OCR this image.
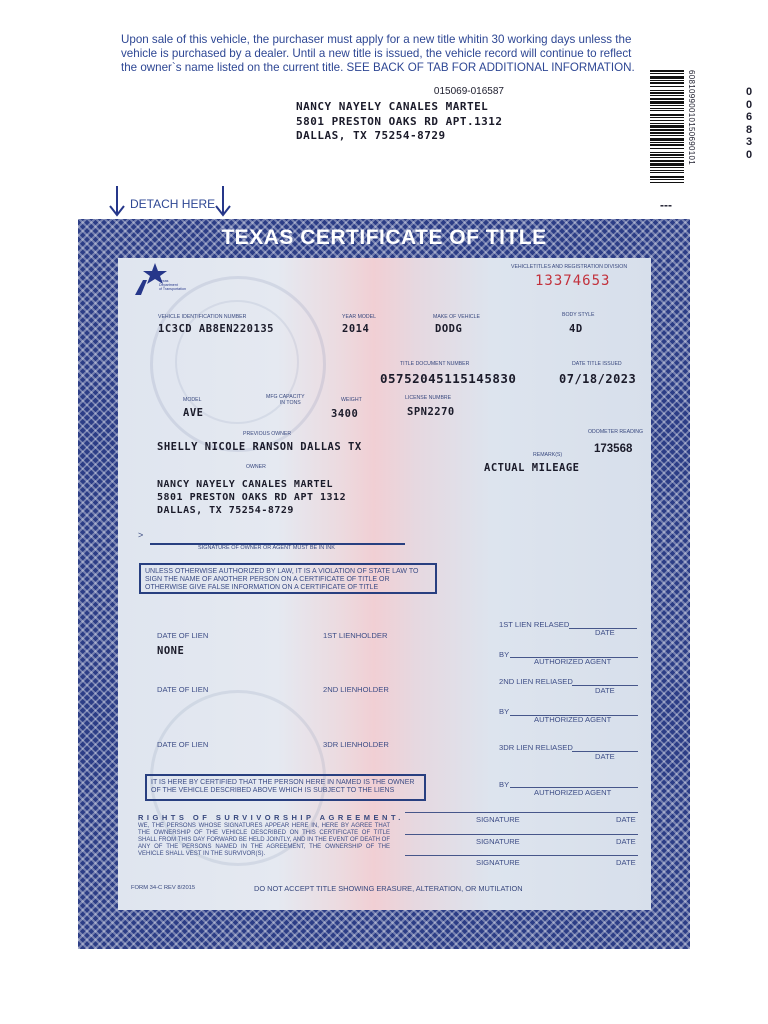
Upon sale of this vehicle, the purchaser must apply for a new title whitin 30 working days unless the
vehicle is purchased by a dealer. Until a new title is issued, the vehicle record will continue to reflect
the owner`s name listed on the current title. SEE BACK OF TAB FOR ADDITIONAL INFORMATION.
015069-016587
NANCY NAYELY CANALES MARTEL
5801 PRESTON OAKS RD APT.1312
DALLAS, TX 75254-8729	60810990010150690101	0
0
6
8
3
0
---
DETACH HERE
TEXAS CERTIFICATE OF TITLE
Texas
Department
of Transportation
VEHICLETITLES AND REGISTRATION DIVISION
13374653
VEHICLE IDENTIFICATION NUMBER
1C3CD AB8EN220135
YEAR MODEL
2014
MAKE OF VEHICLE
DODG
BODY STYLE
4D
TITLE DOCUMENT NUMBER
05752045115145830
DATE TITLE ISSUED
07/18/2023
MODEL
AVE
MFG CAPACITY
IN TONS	WEIGHT
3400
LICENSE NUMBRE
SPN2270
PREVIOUS OWNER
SHELLY NICOLE RANSON DALLAS TX
ODOMETER READING
173568
REMARK(S)
ACTUAL MILEAGE
OWNER
NANCY NAYELY CANALES MARTEL
5801 PRESTON OAKS RD APT 1312
DALLAS, TX 75254-8729
>
SIGNATURE OF OWNER OR AGENT MUST BE IN INK
UNLESS OTHERWISE AUTHORIZED BY LAW, IT IS A VIOLATION OF STATE LAW TO SIGN THE NAME OF ANOTHER PERSON ON A CERTIFICATE OF TITLE OR OTHERWISE GIVE FALSE INFORMATION ON A CERTIFICATE OF TITLE
DATE OF LIEN	1ST LIENHOLDER
NONE
DATE OF LIEN	2ND LIENHOLDER
DATE OF LIEN	3DR LIENHOLDER
1ST LIEN RELASED
DATE
BY
AUTHORIZED AGENT
2ND LIEN RELIASED
DATE
BY
AUTHORIZED AGENT
3DR LIEN RELIASED
DATE
BY
AUTHORIZED AGENT
IT IS HERE BY CERTIFIED THAT THE PERSON HERE IN NAMED IS THE OWNER OF THE VEHICLE DESCRIBED ABOVE WHICH IS SUBJECT TO THE LIENS
RIGHTS OF SURVIVORSHIP AGREEMENT.
WE, THE PERSONS WHOSE SIGNATURES APPEAR HERE IN, HERE BY AGREE THAT THE OWNERSHIP OF THE VEHICLE DESCRIBED ON THIS CERTIFICATE OF TITLE SHALL FROM THIS DAY FORWARD BE HELD JOINTLY, AND IN THE EVENT OF DEATH OF ANY OF THE PERSONS NAMED IN THE AGREEMENT, THE OWNERSHIP OF THE VEHICLE SHALL VEST IN THE SURVIVOR(S).
SIGNATURE	DATE
SIGNATURE	DATE
SIGNATURE	DATE
FORM 34-C REV 8/2015	DO NOT ACCEPT TITLE SHOWING ERASURE, ALTERATION, OR MUTILATION
